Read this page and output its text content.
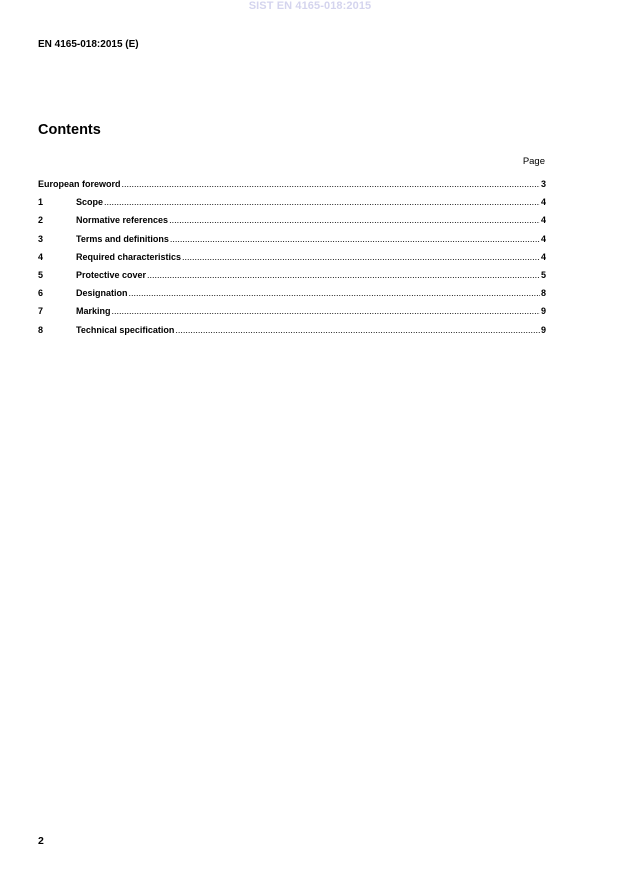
SIST EN 4165-018:2015
EN 4165-018:2015 (E)
Contents
Page
European foreword .....	3
1	Scope .....	4
2	Normative references .....	4
3	Terms and definitions .....	4
4	Required characteristics .....	4
5	Protective cover .....	5
6	Designation .....	8
7	Marking .....	9
8	Technical specification .....	9
2
